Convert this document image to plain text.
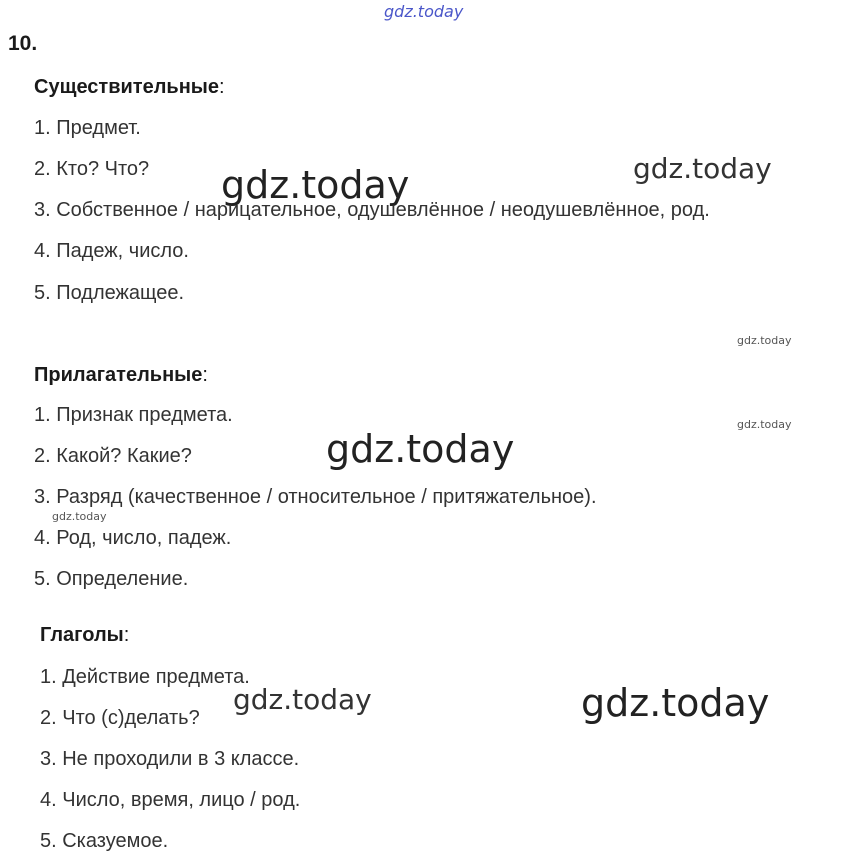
gdz.today
gdz.today	gdz.today
gdz.today
gdz.today
gdz.today
gdz.today
gdz.today	gdz.today
10.
Существительные:
1. Предмет.
2. Кто? Что?
3. Собственное / нарицательное, одушевлённое / неодушевлённое, род.
4. Падеж, число.
5. Подлежащее.
Прилагательные:
1. Признак предмета.
2. Какой? Какие?
3. Разряд (качественное / относительное / притяжательное).
4. Род, число, падеж.
5. Определение.
Глаголы:
1. Действие предмета.
2. Что (с)делать?
3. Не проходили в 3 классе.
4. Число, время, лицо / род.
5. Сказуемое.
